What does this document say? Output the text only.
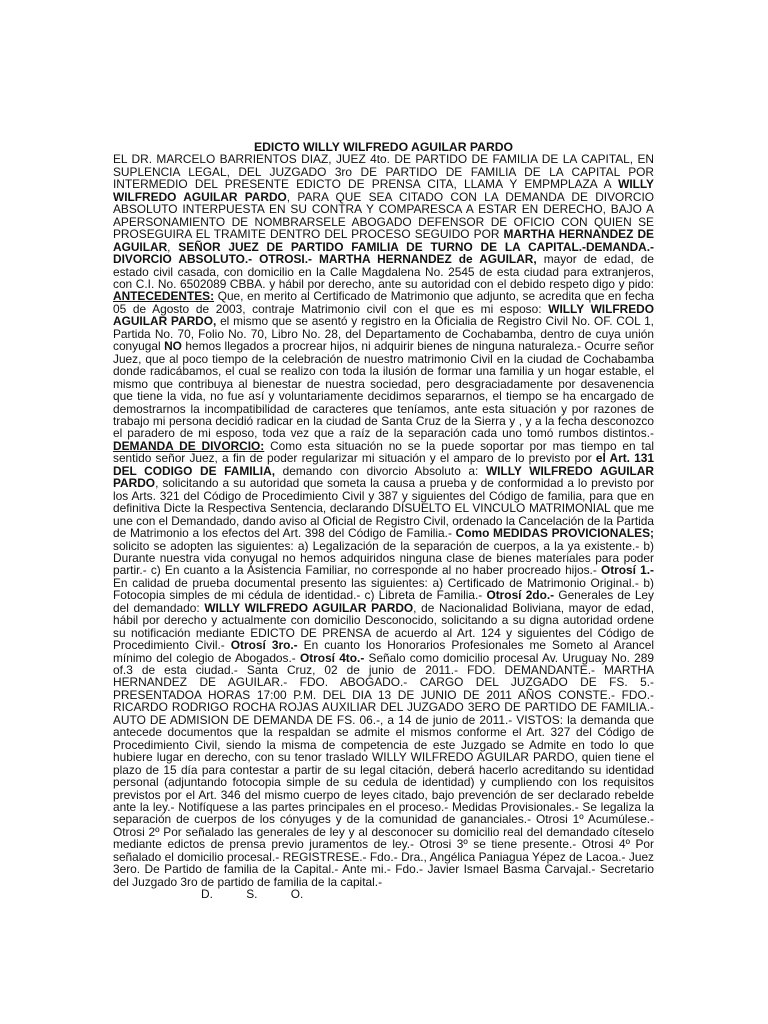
EDICTO WILLY WILFREDO AGUILAR PARDO

EL DR. MARCELO BARRIENTOS DIAZ, JUEZ 4to. DE PARTIDO DE FAMILIA DE LA CAPITAL, EN SUPLENCIA LEGAL, DEL JUZGADO 3ro DE PARTIDO DE FAMILIA DE LA CAPITAL POR INTERMEDIO DEL PRESENTE EDICTO DE PRENSA CITA, LLAMA Y EMPMPLAZA A WILLY WILFREDO AGUILAR PARDO, PARA QUE SEA CITADO CON LA DEMANDA DE DIVORCIO ABSOLUTO INTERPUESTA EN SU CONTRA Y COMPARESCA A ESTAR EN DERECHO, BAJO A APERSONAMIENTO DE NOMBRARSELE ABOGADO DEFENSOR DE OFICIO CON QUIEN SE PROSEGUIRA EL TRAMITE DENTRO DEL PROCESO SEGUIDO POR MARTHA HERNANDEZ DE AGUILAR, SEÑOR JUEZ DE PARTIDO FAMILIA DE TURNO DE LA CAPITAL.-DEMANDA.- DIVORCIO ABSOLUTO.- OTROSI.- MARTHA HERNANDEZ de AGUILAR, mayor de edad, de estado civil casada, con domicilio en la Calle Magdalena No. 2545 de esta ciudad para extranjeros, con C.I. No. 6502089 CBBA. y hábil por derecho, ante su autoridad con el debido respeto digo y pido: ANTECEDENTES: Que, en merito al Certificado de Matrimonio que adjunto, se acredita que en fecha 05 de Agosto de 2003, contraje Matrimonio civil con el que es mi esposo: WILLY WILFREDO AGUILAR PARDO, el mismo que se asentó y registro en la Oficialia de Registro Civil No. OF. COL 1, Partida No. 70, Folio No. 70, Libro No. 28, del Departamento de Cochabamba, dentro de cuya unión conyugal NO hemos llegados a procrear hijos, ni adquirir bienes de ninguna naturaleza.- Ocurre señor Juez, que al poco tiempo de la celebración de nuestro matrimonio Civil en la ciudad de Cochabamba donde radicábamos, el cual se realizo con toda la ilusión de formar una familia y un hogar estable, el mismo que contribuya al bienestar de nuestra sociedad, pero desgraciadamente por desavenencia que tiene la vida, no fue así y voluntariamente decidimos separarnos, el tiempo se ha encargado de demostrarnos la incompatibilidad de caracteres que teníamos, ante esta situación y por razones de trabajo mi persona decidió radicar en la ciudad de Santa Cruz de la Sierra y , y a la fecha desconozco el paradero de mi esposo, toda vez que a raíz de la separación cada uno tomó rumbos distintos.- DEMANDA DE DIVORCIO: Como esta situación no se la puede soportar por mas tiempo en tal sentido señor Juez, a fin de poder regularizar mi situación y el amparo de lo previsto por el Art. 131 DEL CODIGO DE FAMILIA, demando con divorcio Absoluto a: WILLY WILFREDO AGUILAR PARDO, solicitando a su autoridad que someta la causa a prueba y de conformidad a lo previsto por los Arts. 321 del Código de Procedimiento Civil y 387 y siguientes del Código de familia, para que en definitiva Dicte la Respectiva Sentencia, declarando DISUELTO EL VINCULO MATRIMONIAL que me une con el Demandado, dando aviso al Oficial de Registro Civil, ordenado la Cancelación de la Partida de Matrimonio a los efectos del Art. 398 del Código de Familia.- Como MEDIDAS PROVICIONALES; solicito se adopten las siguientes: a) Legalización de la separación de cuerpos, a la ya existente.- b) Durante nuestra vida conyugal no hemos adquiridos ninguna clase de bienes materiales para poder partir.- c) En cuanto a la Asistencia Familiar, no corresponde al no haber procreado hijos.- Otrosí 1.- En calidad de prueba documental presento las siguientes: a) Certificado de Matrimonio Original.- b) Fotocopia simples de mi cédula de identidad.- c) Libreta de Familia.- Otrosí 2do.- Generales de Ley del demandado: WILLY WILFREDO AGUILAR PARDO, de Nacionalidad Boliviana, mayor de edad, hábil por derecho y actualmente con domicilio Desconocido, solicitando a su digna autoridad ordene su notificación mediante EDICTO DE PRENSA de acuerdo al Art. 124 y siguientes del Código de Procedimiento Civil.- Otrosí 3ro.- En cuanto los Honorarios Profesionales me Someto al Arancel mínimo del colegio de Abogados.- Otrosí 4to.- Señalo como domicilio procesal Av. Uruguay No. 289 of.3 de esta ciudad.- Santa Cruz, 02 de junio de 2011.- FDO. DEMANDANTE.- MARTHA HERNANDEZ DE AGUILAR.- FDO. ABOGADO.- CARGO DEL JUZGADO DE FS. 5.- PRESENTADOA HORAS 17:00 P.M. DEL DIA 13 DE JUNIO DE 2011 AÑOS CONSTE.- FDO.- RICARDO RODRIGO ROCHA ROJAS AUXILIAR DEL JUZGADO 3ERO DE PARTIDO DE FAMILIA.- AUTO DE ADMISION DE DEMANDA DE FS. 06.-, a 14 de junio de 2011.- VISTOS: la demanda que antecede documentos que la respaldan se admite el mismos conforme el Art. 327 del Código de Procedimiento Civil, siendo la misma de competencia de este Juzgado se Admite en todo lo que hubiere lugar en derecho, con su tenor traslado WILLY WILFREDO AGUILAR PARDO, quien tiene el plazo de 15 día para contestar a partir de su legal citación, deberá hacerlo acreditando su identidad personal (adjuntando fotocopia simple de su cedula de identidad) y cumpliendo con los requisitos previstos por el Art. 346 del mismo cuerpo de leyes citado, bajo prevención de ser declarado rebelde ante la ley.- Notifíquese a las partes principales en el proceso.- Medidas Provisionales.- Se legaliza la separación de cuerpos de los cónyuges y de la comunidad de gananciales.- Otrosi 1º Acumúlese.- Otrosi 2º Por señalado las generales de ley y al desconocer su domicilio real del demandado cíteselo mediante edictos de prensa previo juramentos de ley.- Otrosi 3º se tiene presente.- Otrosi 4º Por señalado el domicilio procesal.- REGISTRESE.- Fdo.- Dra., Angélica Paniagua Yépez de Lacoa.- Juez 3ero. De Partido de familia de la Capital.- Ante mi.- Fdo.- Javier Ismael Basma Carvajal.- Secretario del Juzgado 3ro de partido de familia de la capital.-

D.	S.	O.
